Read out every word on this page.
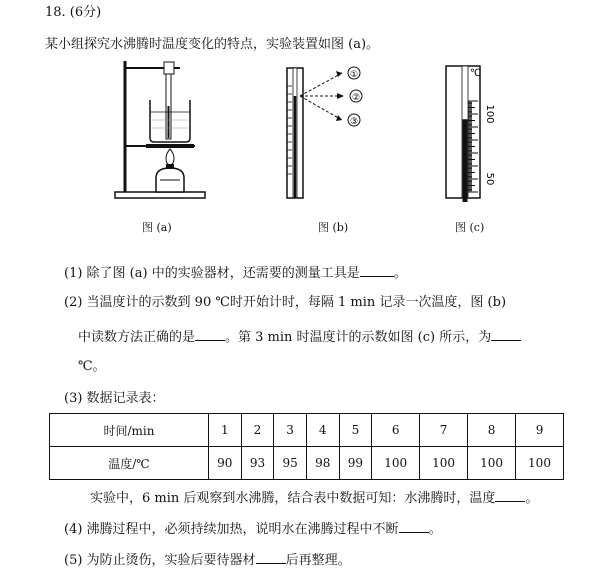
18. (6分)
某小组探究水沸腾时温度变化的特点，实验装置如图 (a)。
图 (a)
①
②
③
图 (b)
℃
100
50
图 (c)
(1) 除了图 (a) 中的实验器材，还需要的测量工具是	。
(2) 当温度计的示数到 90 ℃时开始计时，每隔 1 min 记录一次温度，图 (b)
中读数方法正确的是 。第 3 min 时温度计的示数如图 (c) 所示，为
℃。
(3) 数据记录表：
时间/min	1	2	3	4	5	6	7	8	9
温度/℃	90	93	95	98	99	100	100	100	100
实验中，6 min 后观察到水沸腾，结合表中数据可知：水沸腾时，温度 。
(4) 沸腾过程中，必须持续加热，说明水在沸腾过程中不断 。
(5) 为防止烫伤，实验后要待器材 后再整理。
